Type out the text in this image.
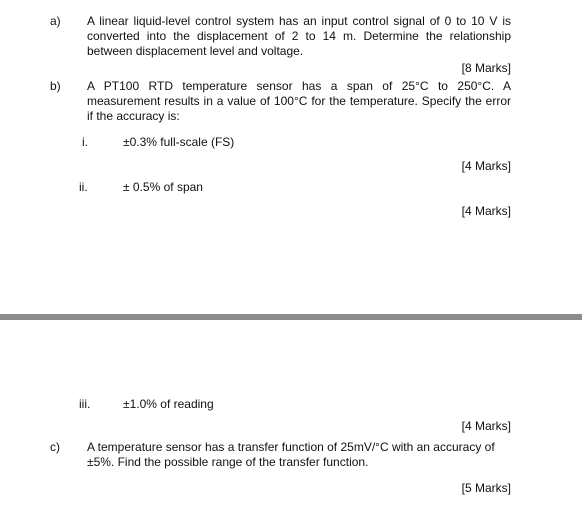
a) A linear liquid-level control system has an input control signal of 0 to 10 V is converted into the displacement of 2 to 14 m. Determine the relationship between displacement level and voltage.

[8 Marks]
b) A PT100 RTD temperature sensor has a span of 25°C to 250°C. A measurement results in a value of 100°C for the temperature. Specify the error if the accuracy is:

i.	±0.3% full-scale (FS)
[4 Marks]
ii.	± 0.5% of span
[4 Marks]
iii.	±1.0% of reading
[4 Marks]
c) A temperature sensor has a transfer function of 25mV/°C with an accuracy of ±5%. Find the possible range of the transfer function.

[5 Marks]
